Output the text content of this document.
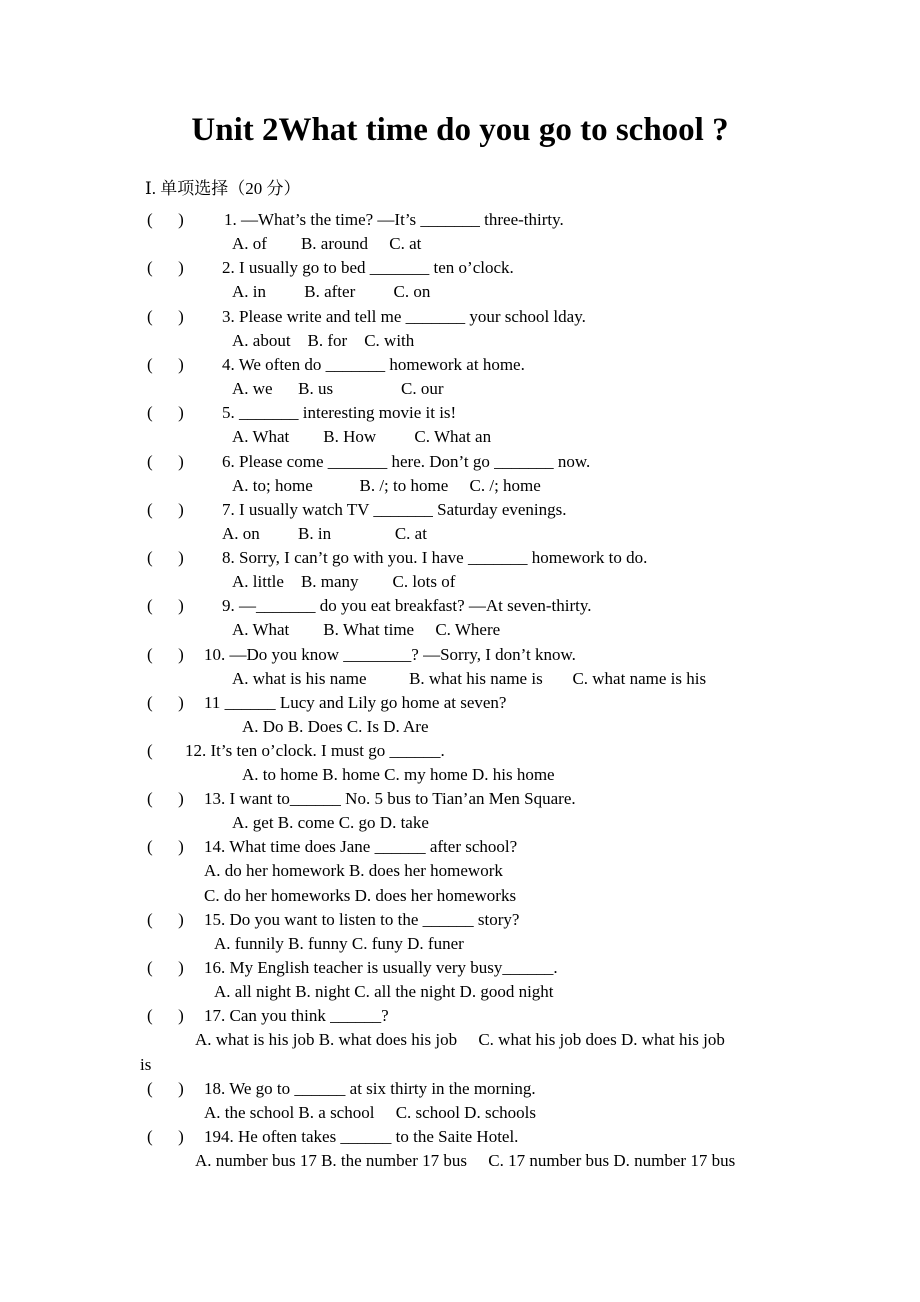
Unit 2What time do you go to school ?
Ⅰ. 单项选择（20 分）
(      )
(      )
(      )
(      )
(      )
(      )
(      )
(      )
(      )
(      )
(      )
(
(      )
(      )
(      )
(      )
(      )
(      )
(      )
1. —What’s the time? —It’s _______ three-thirty.
A. of        B. around     C. at
2. I usually go to bed _______ ten o’clock.
A. in         B. after         C. on
3. Please write and tell me _______ your school lday.
A. about    B. for    C. with
4. We often do _______ homework at home.
A. we      B. us                C. our
5. _______ interesting movie it is!
A. What        B. How         C. What an
6. Please come _______ here. Don’t go _______ now.
A. to; home           B. /; to home     C. /; home
7. I usually watch TV _______ Saturday evenings.
A. on         B. in               C. at
8. Sorry, I can’t go with you. I have _______ homework to do.
A. little    B. many        C. lots of
9. —_______ do you eat breakfast? —At seven-thirty.
A. What        B. What time     C. Where
10. —Do you know ________? —Sorry, I don’t know.
A. what is his name          B. what his name is       C. what name is his
11 ______ Lucy and Lily go home at seven?
A. Do B. Does C. Is D. Are
12. It’s ten o’clock. I must go ______.
A. to home B. home C. my home D. his home
13. I want to______ No. 5 bus to Tian’an Men Square.
A. get B. come C. go D. take
14. What time does Jane ______ after school?
A. do her homework B. does her homework
C. do her homeworks D. does her homeworks
15. Do you want to listen to the ______ story?
A. funnily B. funny C. funy D. funer
16. My English teacher is usually very busy______.
A. all night B. night C. all the night D. good night
17. Can you think ______?
A. what is his job B. what does his job     C. what his job does D. what his job
is
18. We go to ______ at six thirty in the morning.
A. the school B. a school     C. school D. schools
194. He often takes ______ to the Saite Hotel.
A. number bus 17 B. the number 17 bus     C. 17 number bus D. number 17 bus
